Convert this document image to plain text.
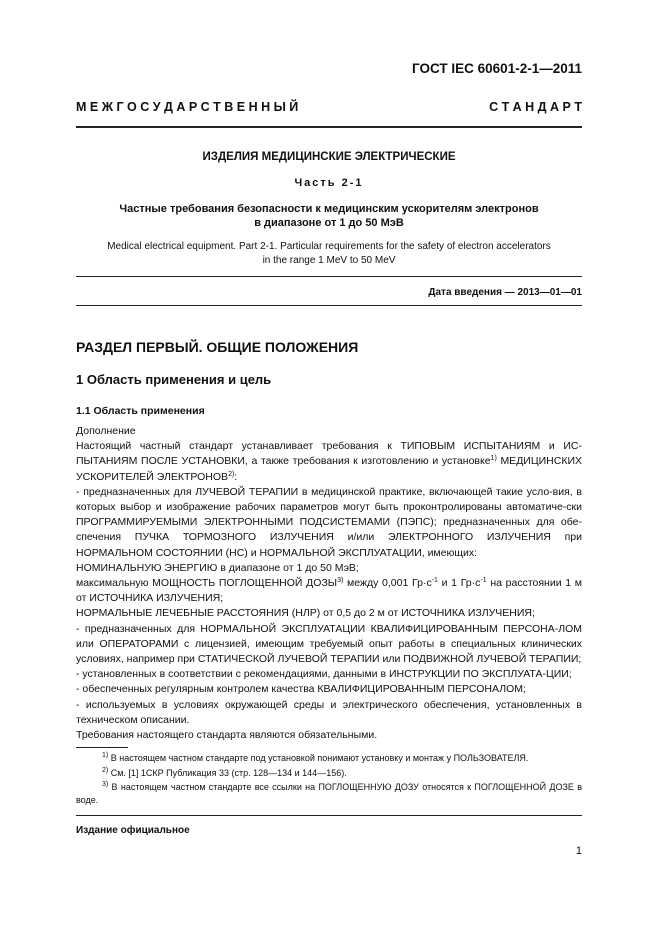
ГОСТ IEC 60601-2-1—2011
М Е Ж Г О С У Д А Р С Т В Е Н Н Ы Й	С Т А Н Д А Р Т
ИЗДЕЛИЯ МЕДИЦИНСКИЕ ЭЛЕКТРИЧЕСКИЕ
Часть 2-1
Частные требования безопасности к медицинским ускорителям электронов
в диапазоне от 1 до 50 МэВ
Medical electrical equipment. Part 2-1. Particular requirements for the safety of electron accelerators
in the range 1 MeV to 50 MeV
Дата введения — 2013—01—01
РАЗДЕЛ ПЕРВЫЙ. ОБЩИЕ ПОЛОЖЕНИЯ
1 Область применения и цель
1.1 Область применения

Дополнение

Настоящий частный стандарт устанавливает требования к ТИПОВЫМ ИСПЫТАНИЯМ и ИС-ПЫТАНИЯМ ПОСЛЕ УСТАНОВКИ, а также требования к изготовлению и установке$^{1)}$ МЕДИЦИНСКИХ УСКОРИТЕЛЕЙ ЭЛЕКТРОНОВ$^{2)}$:

- предназначенных для ЛУЧЕВОЙ ТЕРАПИИ в медицинской практике, включающей такие усло-вия, в которых выбор и изображение рабочих параметров могут быть проконтролированы автоматиче-ски ПРОГРАММИРУЕМЫМИ ЭЛЕКТРОННЫМИ ПОДСИСТЕМАМИ (ПЭПС); предназначенных для обе-спечения ПУЧКА ТОРМОЗНОГО ИЗЛУЧЕНИЯ и/или ЭЛЕКТРОННОГО ИЗЛУЧЕНИЯ при НОРМАЛЬНОМ СОСТОЯНИИ (НС) и НОРМАЛЬНОЙ ЭКСПЛУАТАЦИИ, имеющих:

НОМИНАЛЬНУЮ ЭНЕРГИЮ в диапазоне от 1 до 50 МэВ;

максимальную МОЩНОСТЬ ПОГЛОЩЕННОЙ ДОЗЫ$^{3)}$ между 0,001 $Гр\cdot с^{-1}$ и 1 $Гр\cdot с^{-1}$ на расстоянии 1 м от ИСТОЧНИКА ИЗЛУЧЕНИЯ;

НОРМАЛЬНЫЕ ЛЕЧЕБНЫЕ РАССТОЯНИЯ (НЛР) от 0,5 до 2 м от ИСТОЧНИКА ИЗЛУЧЕНИЯ;

- предназначенных для НОРМАЛЬНОЙ ЭКСПЛУАТАЦИИ КВАЛИФИЦИРОВАННЫМ ПЕРСОНА-ЛОМ или ОПЕРАТОРАМИ с лицензией, имеющим требуемый опыт работы в специальных клинических условиях, например при СТАТИЧЕСКОЙ ЛУЧЕВОЙ ТЕРАПИИ или ПОДВИЖНОЙ ЛУЧЕВОЙ ТЕРАПИИ;

- установленных в соответствии с рекомендациями, данными в ИНСТРУКЦИИ ПО ЭКСПЛУАТА-ЦИИ;

- обеспеченных регулярным контролем качества КВАЛИФИЦИРОВАННЫМ ПЕРСОНАЛОМ;

- используемых в условиях окружающей среды и электрического обеспечения, установленных в техническом описании.

Требования настоящего стандарта являются обязательными.

$^{1)}$ В настоящем частном стандарте под установкой понимают установку и монтаж у ПОЛЬЗОВАТЕЛЯ.
$^{2)}$ См. [1] 1СКР Публикация 33 (стр. 128—134 и 144—156).
$^{3)}$ В настоящем частном стандарте все ссылки на ПОГЛОЩЕННУЮ ДОЗУ относятся к ПОГЛОЩЕННОЙ ДОЗЕ в воде.
Издание официальное
1
